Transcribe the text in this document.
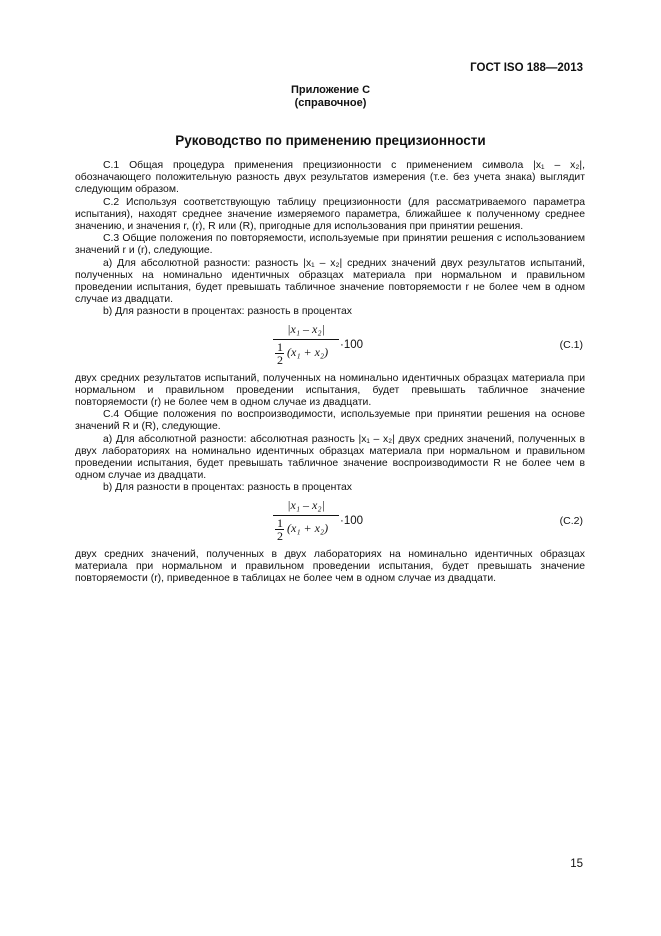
ГОСТ ISO 188—2013
Приложение С
(справочное)
Руководство по применению прецизионности

С.1 Общая процедура применения прецизионности с применением символа |x₁ – x₂|, обозначающего положительную разность двух результатов измерения (т.е. без учета знака) выглядит следующим образом.

С.2 Используя соответствующую таблицу прецизионности (для рассматриваемого параметра испытания), находят среднее значение измеряемого параметра, ближайшее к полученному среднее значению, и значения r, (r), R или (R), пригодные для использования при принятии решения.

С.3 Общие положения по повторяемости, используемые при принятии решения с использованием значений r и (r), следующие.

а) Для абсолютной разности: разность |x₁ – x₂| средних значений двух результатов испытаний, полученных на номинально идентичных образцах материала при нормальном и правильном проведении испытания, будет превышать табличное значение повторяемости r не более чем в одном случае из двадцати.

b) Для разности в процентах: разность в процентах

|x₁ – x₂|
1
2
(x₁ + x₂) ·100	(С.1)

двух средних результатов испытаний, полученных на номинально идентичных образцах материала при нормальном и правильном проведении испытания, будет превышать табличное значение повторяемости (r) не более чем в одном случае из двадцати.

С.4 Общие положения по воспроизводимости, используемые при принятии решения на основе значений R и (R), следующие.

а) Для абсолютной разности: абсолютная разность |x₁ – x₂| двух средних значений, полученных в двух лабораториях на номинально идентичных образцах материала при нормальном и правильном проведении испытания, будет превышать табличное значение воспроизводимости R не более чем в одном случае из двадцати.

b) Для разности в процентах: разность в процентах

|x₁ – x₂|
1
2
(x₁ + x₂) ·100	(С.2)

двух средних значений, полученных в двух лабораториях на номинально идентичных образцах материала при нормальном и правильном проведении испытания, будет превышать значение повторяемости (r), приведенное в таблицах не более чем в одном случае из двадцати.

15
